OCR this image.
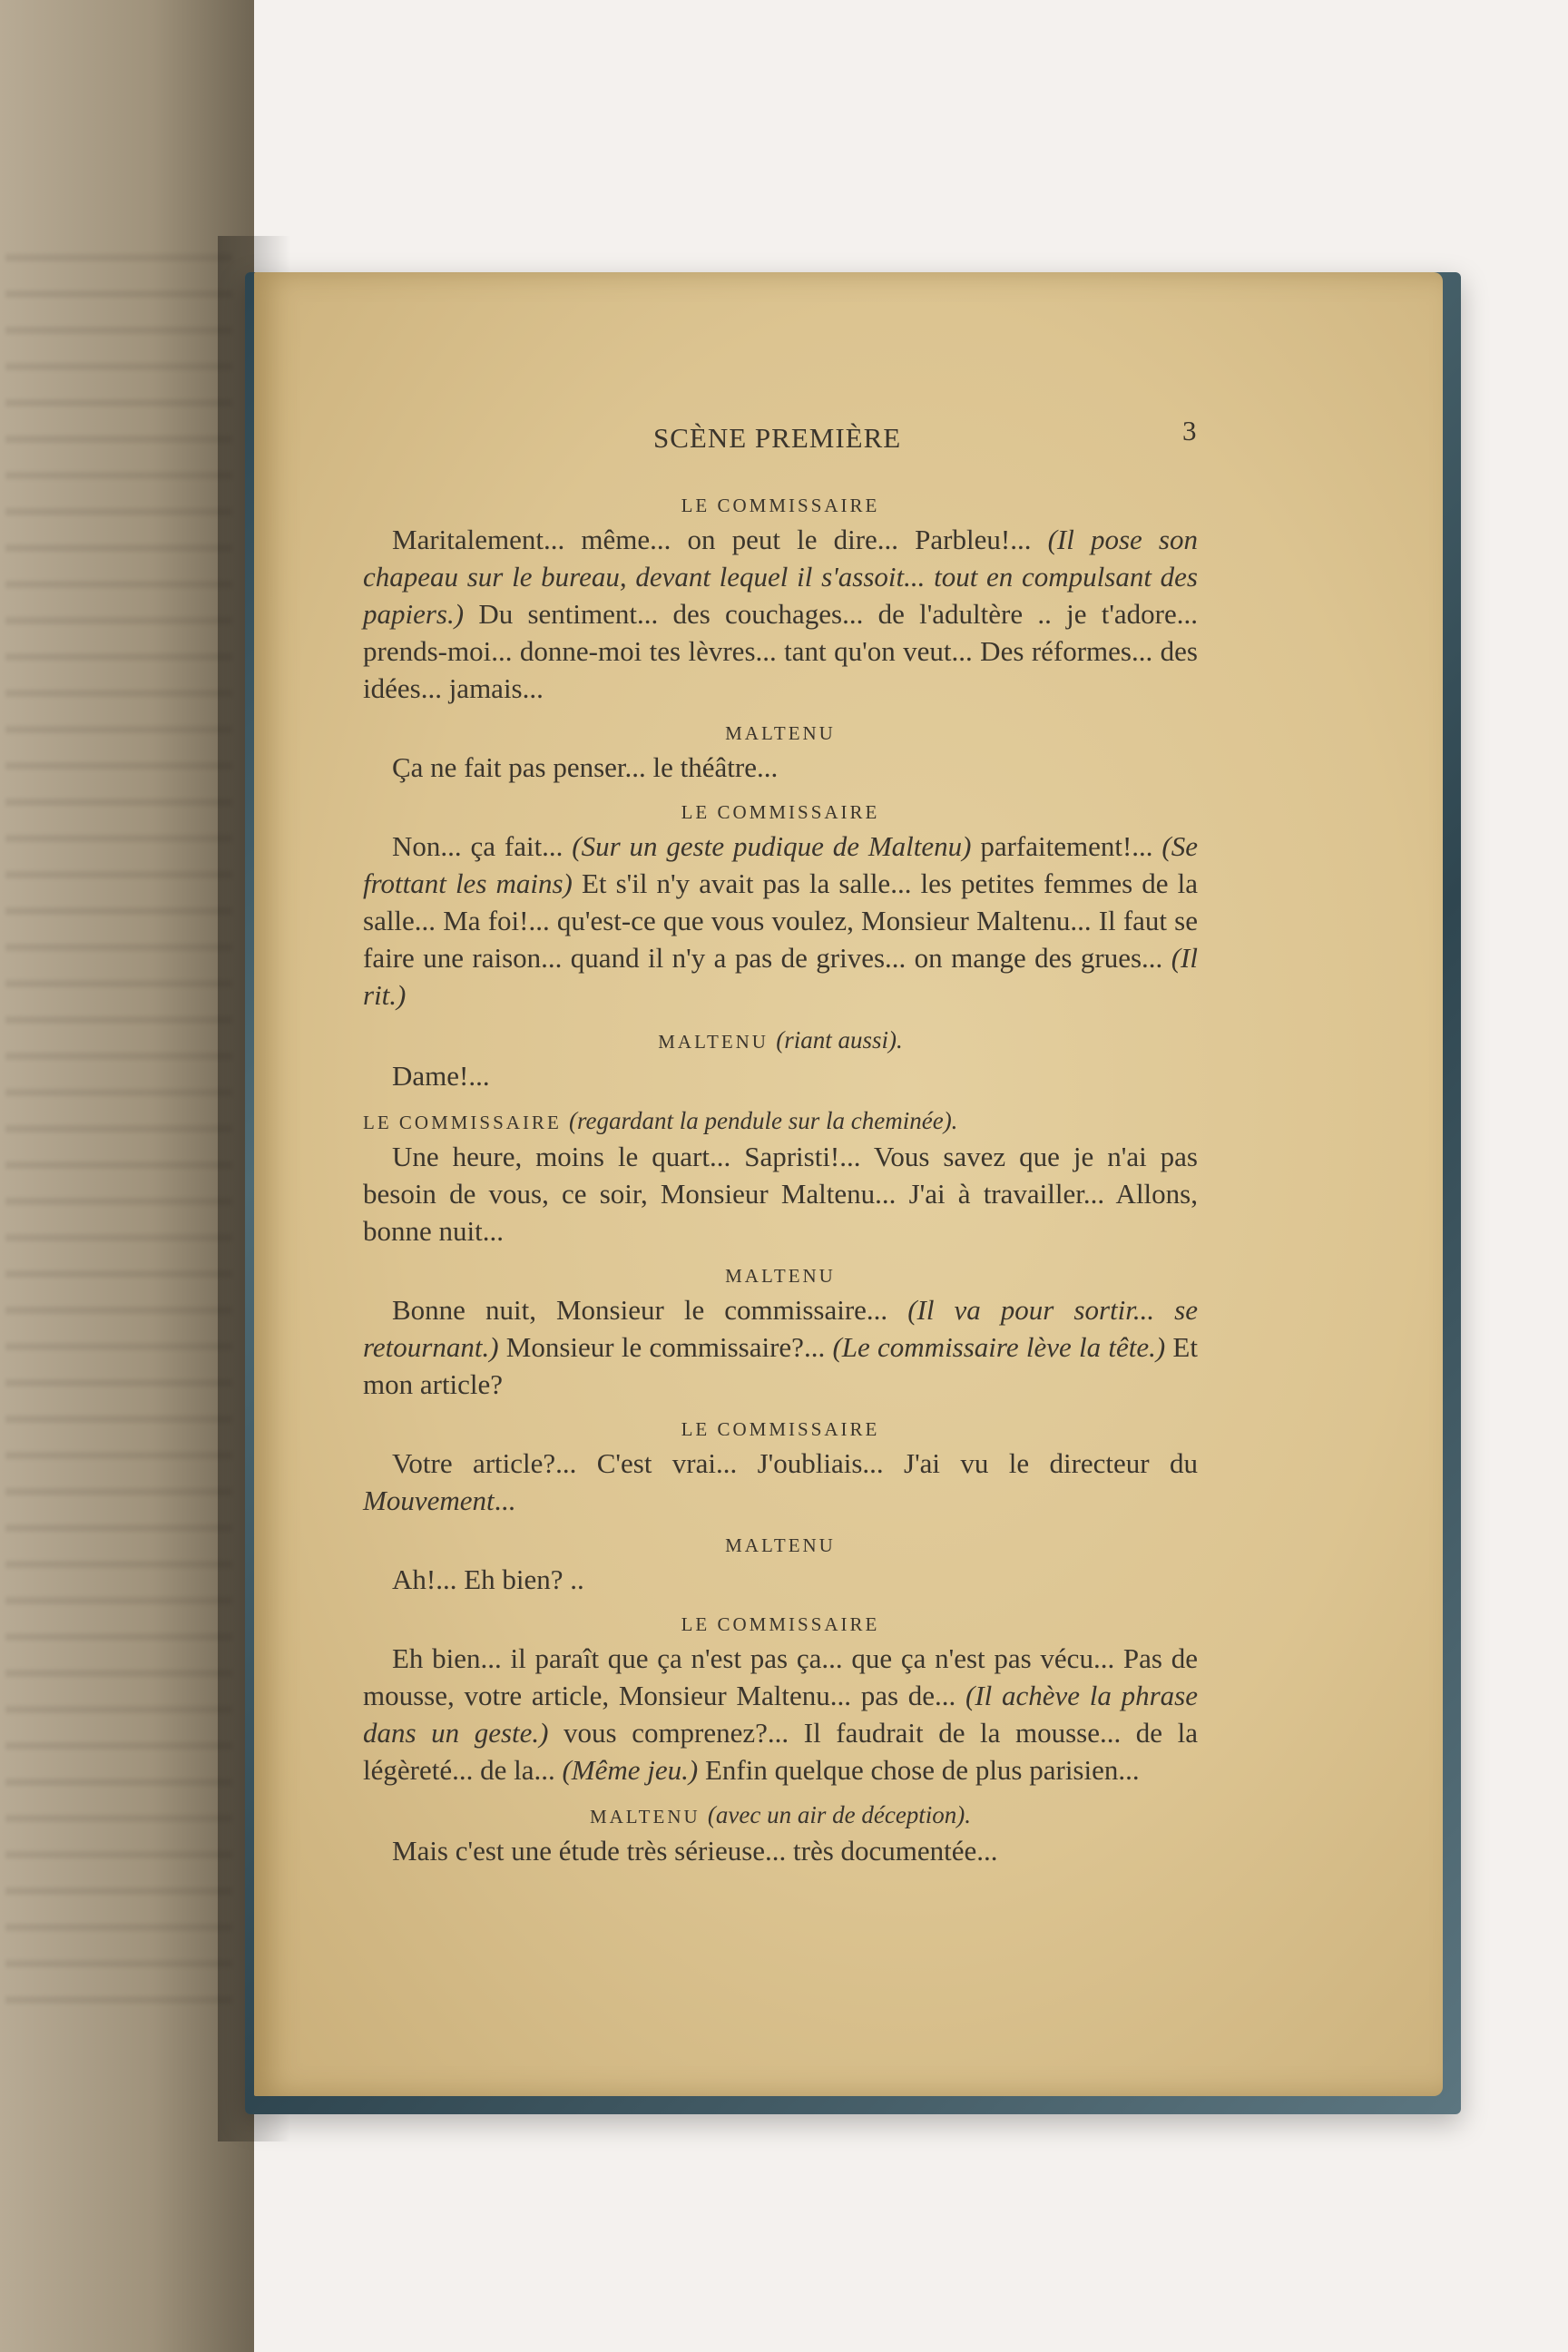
SCÈNE PREMIÈRE	3

LE COMMISSAIRE

Maritalement... même... on peut le dire... Parbleu!... (Il pose son chapeau sur le bureau, devant lequel il s'assoit... tout en compulsant des papiers.) Du sentiment... des couchages... de l'adultère .. je t'adore... prends-moi... donne-moi tes lèvres... tant qu'on veut... Des réformes... des idées... jamais...

MALTENU

Ça ne fait pas penser... le théâtre...

LE COMMISSAIRE

Non... ça fait... (Sur un geste pudique de Maltenu) parfaitement!... (Se frottant les mains) Et s'il n'y avait pas la salle... les petites femmes de la salle... Ma foi!... qu'est-ce que vous voulez, Monsieur Maltenu... Il faut se faire une raison... quand il n'y a pas de grives... on mange des grues... (Il rit.)

MALTENU (riant aussi).

Dame!...

LE COMMISSAIRE (regardant la pendule sur la cheminée).

Une heure, moins le quart... Sapristi!... Vous savez que je n'ai pas besoin de vous, ce soir, Monsieur Maltenu... J'ai à travailler... Allons, bonne nuit...

MALTENU

Bonne nuit, Monsieur le commissaire... (Il va pour sortir... se retournant.) Monsieur le commissaire?... (Le commissaire lève la tête.) Et mon article?

LE COMMISSAIRE

Votre article?... C'est vrai... J'oubliais... J'ai vu le directeur du Mouvement...

MALTENU

Ah!... Eh bien? ..

LE COMMISSAIRE

Eh bien... il paraît que ça n'est pas ça... que ça n'est pas vécu... Pas de mousse, votre article, Monsieur Maltenu... pas de... (Il achève la phrase dans un geste.) vous comprenez?... Il faudrait de la mousse... de la légèreté... de la... (Même jeu.) Enfin quelque chose de plus parisien...

MALTENU (avec un air de déception).

Mais c'est une étude très sérieuse... très documentée...
